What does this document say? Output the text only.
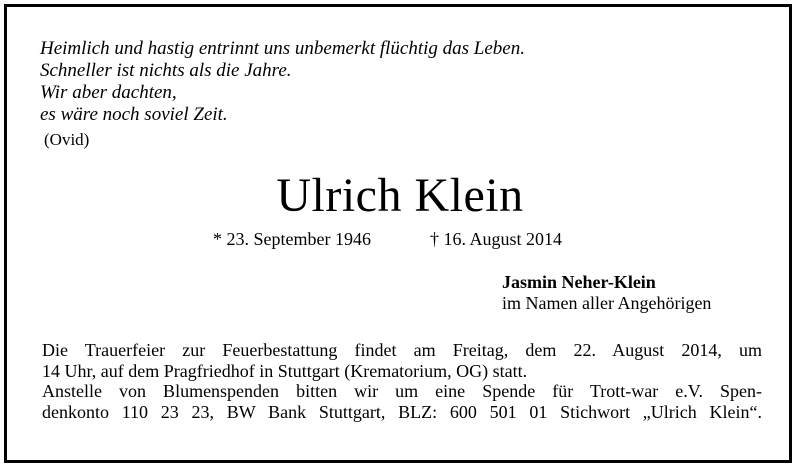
Heimlich und hastig entrinnt uns unbemerkt flüchtig das Leben.
Schneller ist nichts als die Jahre.
Wir aber dachten,
es wäre noch soviel Zeit.
(Ovid)
Ulrich Klein
* 23. September 1946	† 16. August 2014
Jasmin Neher-Klein
im Namen aller Angehörigen
Die Trauerfeier zur Feuerbestattung findet am Freitag, dem 22. August 2014, um
14 Uhr, auf dem Pragfriedhof in Stuttgart (Krematorium, OG) statt.
Anstelle von Blumenspenden bitten wir um eine Spende für Trott-war e.V. Spen-
denkonto 110 23 23, BW Bank Stuttgart, BLZ: 600 501 01 Stichwort „Ulrich Klein“.
